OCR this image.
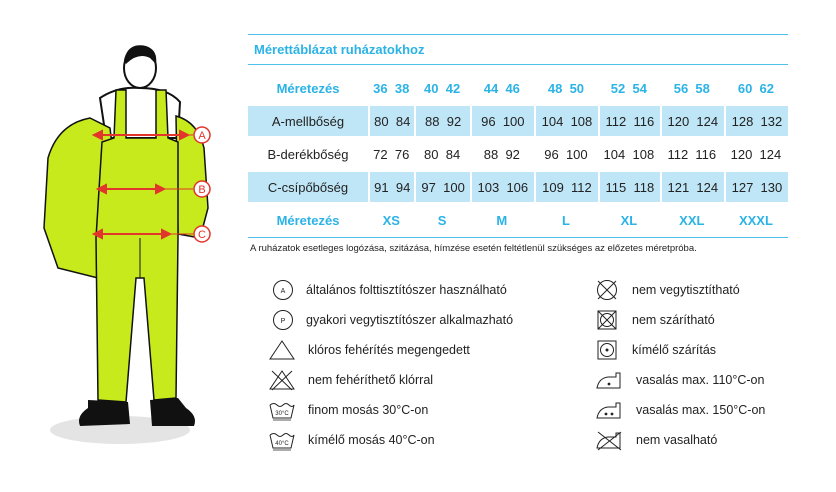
A
B
C
Mérettáblázat ruházatokhoz
Méretezés	36 38	40 42	44 46	48 50	52 54	56 58	60 62
A-mellbőség	80 84	88 92	96 100	104 108	112 116	120 124	128 132
B-derékbőség	72 76	80 84	88 92	96 100	104 108	112 116	120 124
C-csípőbőség	91 94	97 100	103 106	109 112	115 118	121 124	127 130
Méretezés	XS	S	M	L	XL	XXL	XXXL

A ruházatok esetleges logózása, szitázása, hímzése esetén feltétlenül szükséges az előzetes méretpróba.

A általános folttisztítószer használható
P gyakori vegytisztítószer alkalmazható
klóros fehérítés megengedett
nem fehéríthető klórral
30°C finom mosás 30°C-on
40°C kímélő mosás 40°C-on
nem vegytisztítható
nem szárítható
kímélő szárítás
vasalás max. 110°C-on
vasalás max. 150°C-on
nem vasalható
